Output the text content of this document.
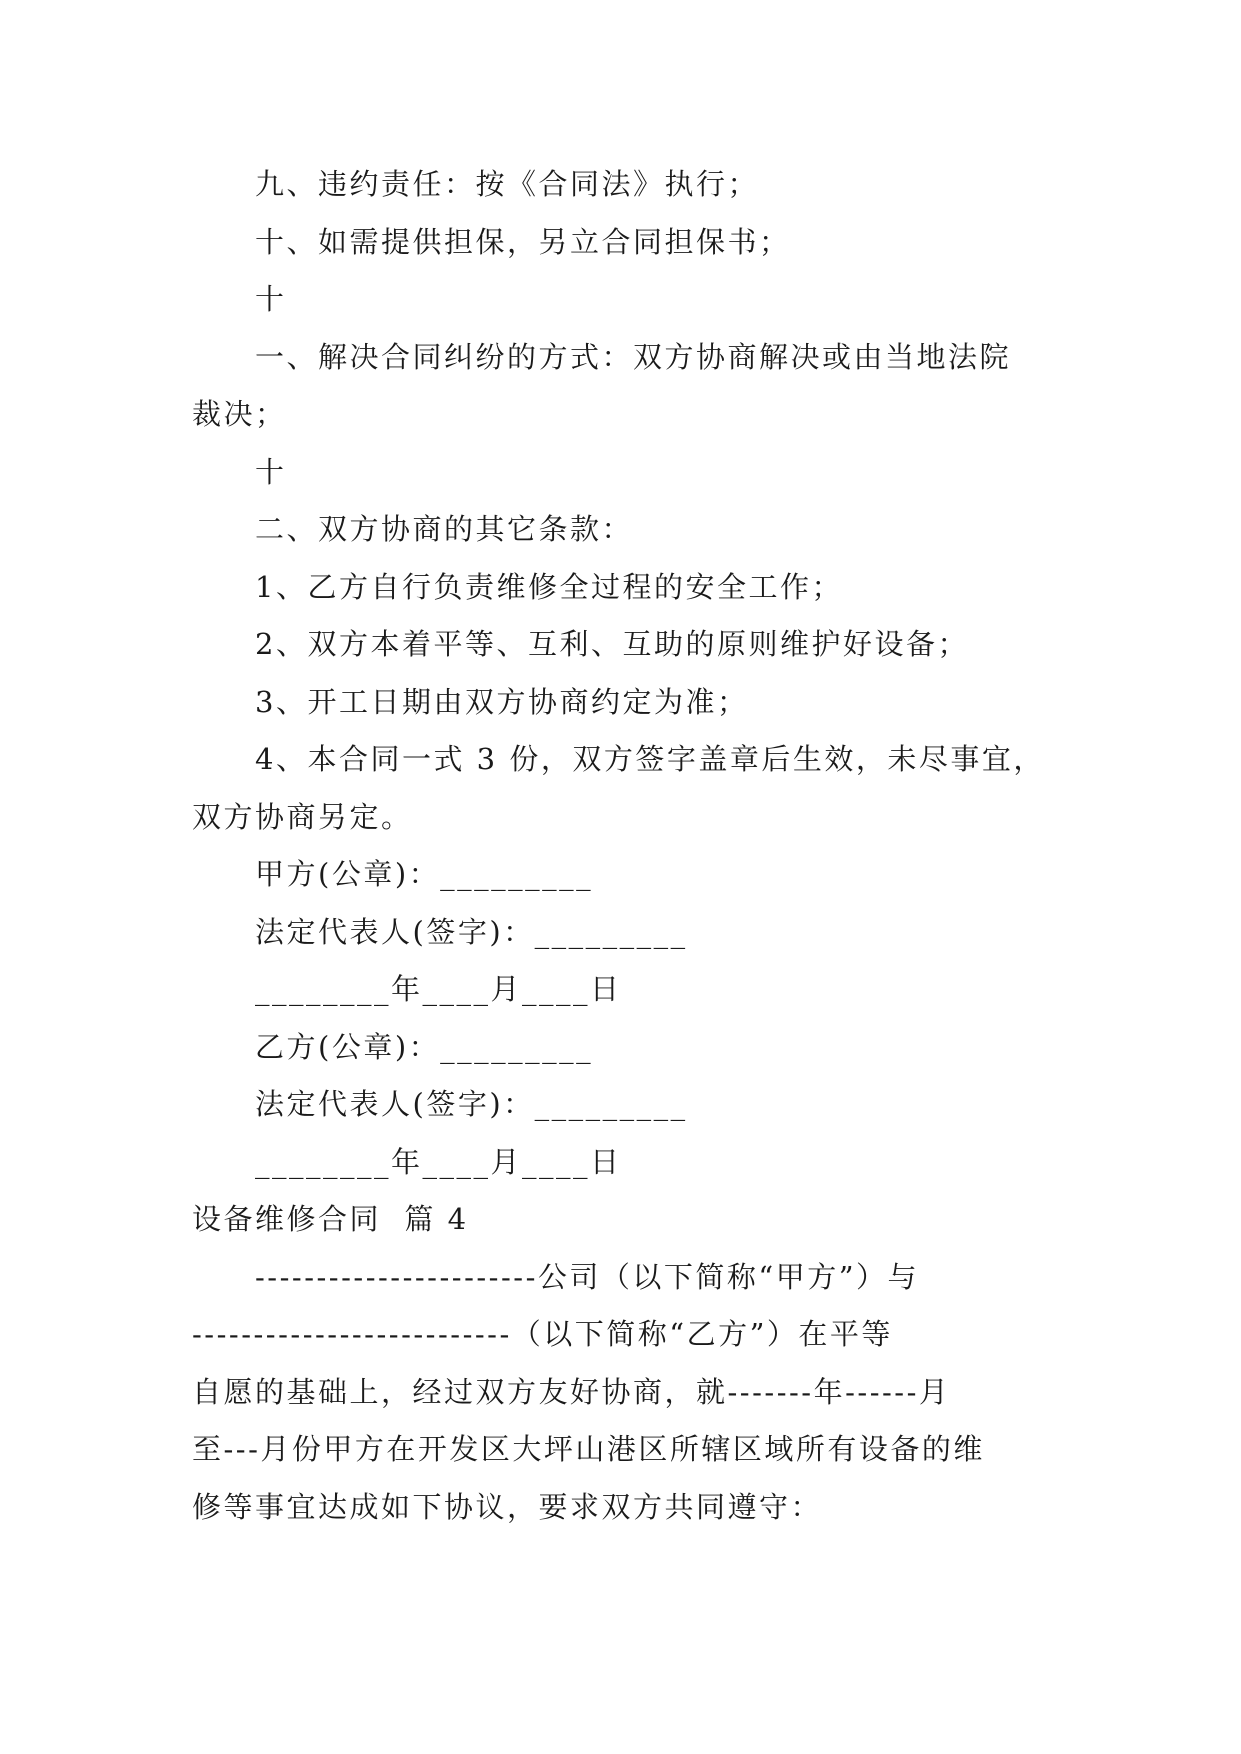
九、违约责任：按《合同法》执行；
十、如需提供担保，另立合同担保书；
十
一、解决合同纠纷的方式：双方协商解决或由当地法院
裁决；
十
二、双方协商的其它条款：
1、乙方自行负责维修全过程的安全工作；
2、双方本着平等、互利、互助的原则维护好设备；
3、开工日期由双方协商约定为准；
4、本合同一式 3 份，双方签字盖章后生效，未尽事宜，
双方协商另定。
甲方(公章)：_________
法定代表人(签字)：_________
________年____月____日
乙方(公章)：_________
法定代表人(签字)：_________
________年____月____日
设备维修合同  篇 4
-----------------------公司（以下简称“甲方”）与
--------------------------（以下简称“乙方”）在平等
自愿的基础上，经过双方友好协商，就-------年------月
至---月份甲方在开发区大坪山港区所辖区域所有设备的维
修等事宜达成如下协议，要求双方共同遵守：
